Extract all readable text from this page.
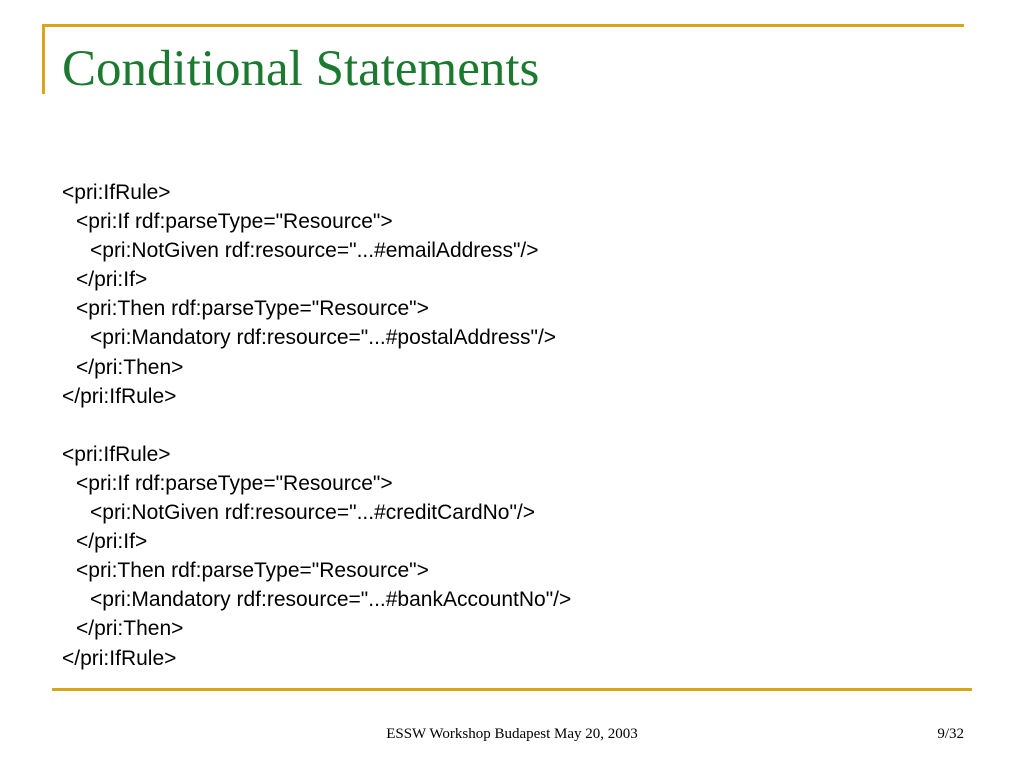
Conditional Statements
<pri:IfRule>
<pri:If rdf:parseType="Resource">
<pri:NotGiven rdf:resource="...#emailAddress"/>
</pri:If>
<pri:Then rdf:parseType="Resource">
<pri:Mandatory rdf:resource="...#postalAddress"/>
</pri:Then>
</pri:IfRule>
<pri:IfRule>
<pri:If rdf:parseType="Resource">
<pri:NotGiven rdf:resource="...#creditCardNo"/>
</pri:If>
<pri:Then rdf:parseType="Resource">
<pri:Mandatory rdf:resource="...#bankAccountNo"/>
</pri:Then>
</pri:IfRule>
ESSW Workshop Budapest May 20, 2003	9/32
